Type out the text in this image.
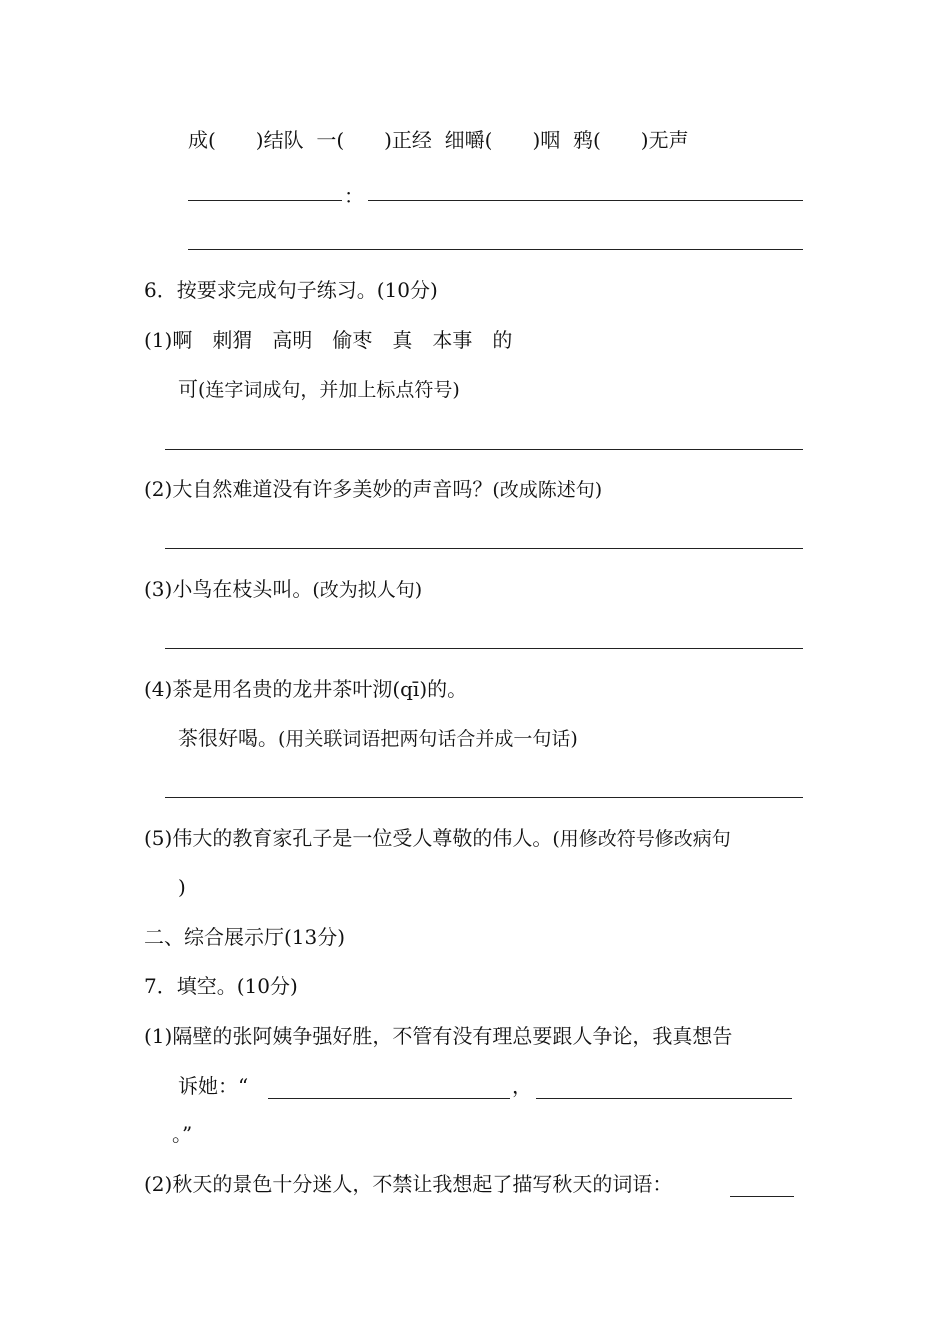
成(　　)结队  一(　　)正经  细嚼(　　)咽  鸦(　　)无声
：
6．按要求完成句子练习。(10分)
(1)啊　刺猬　高明　偷枣　真　本事　的
可(连字词成句，并加上标点符号)
(2)大自然难道没有许多美妙的声音吗？(改成陈述句)
(3)小鸟在枝头叫。(改为拟人句)
(4)茶是用名贵的龙井茶叶沏(qī)的。
茶很好喝。(用关联词语把两句话合并成一句话)
(5)伟大的教育家孔子是一位受人尊敬的伟人。(用修改符号修改病句
)
二、综合展示厅(13分)
7．填空。(10分)
(1)隔壁的张阿姨争强好胜，不管有没有理总要跟人争论，我真想告
诉她：“	，
。”
(2)秋天的景色十分迷人，不禁让我想起了描写秋天的词语：
